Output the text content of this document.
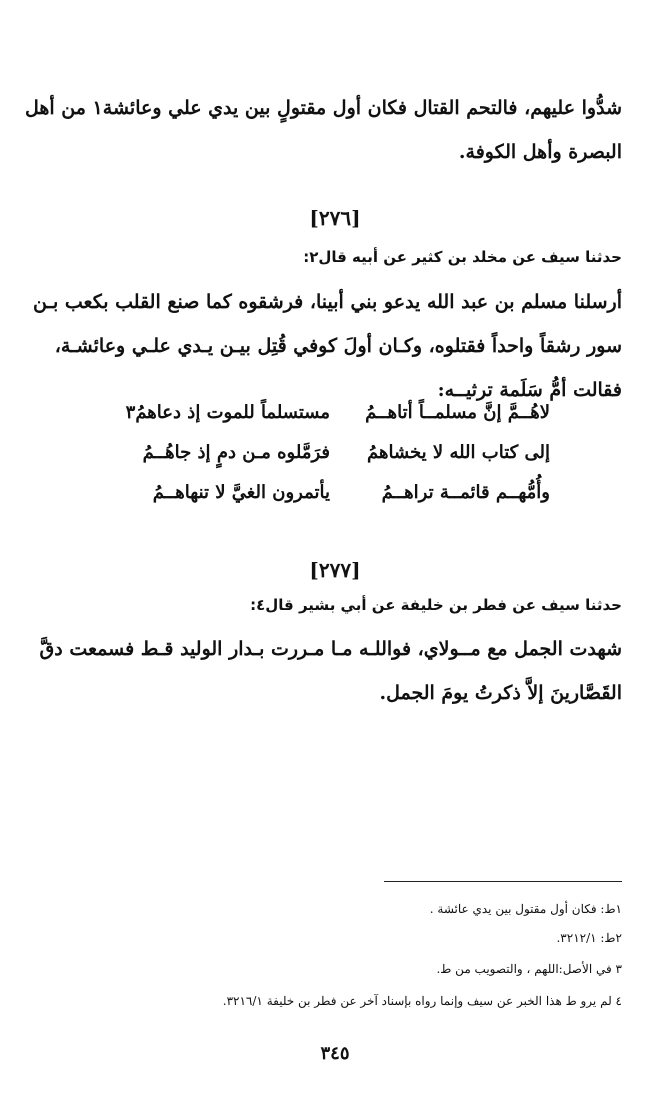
شدُّوا عليهم، فالتحم القتال فكان أول مقتولٍ بين يدي علي وعائشة١ من أهل
البصرة وأهل الكوفة.
[٢٧٦]
حدثنا سيف عن مخلد بن كثير عن أبيه قال٢:
أرسلنا مسلم بن عبد الله يدعو بني أبينا، فرشقوه كما صنع القلب بكعب بـن
سور رشقاً واحداً فقتلوه، وكـان أولَ كوفي قُتِل بيـن يـدي علـي وعائشـة،
فقالت أمُّ سَلَمة ترثيــه:
لاهُــمَّ إنَّ مسلمــاً أتاهــمُ
مستسلماً للموت إذ دعاهمُ٣
إلى كتاب الله لا يخشاهمُ
فرَمَّلوه مـن دمٍ إذ جاهُــمُ
وأُمُّهــم قائمــة تراهــمُ
يأتمرون الغيَّ لا تنهاهــمُ
[٢٧٧]
حدثنا سيف عن فطر بن خليفة عن أبي بشير قال٤:
شهدت الجمل مع مــولاي، فواللـه مـا مـررت بـدار الوليد قـط فسمعت دقَّ
القَصَّارينَ إلاَّ ذكرتُ يومَ الجمل.
١ط: فكان أول مقتول بين يدي عائشة .
٢ط: ٣٢١٢/١.
٣ في الأصل:اللهم ، والتصويب من ط.
٤ لم يرو ط هذا الخبر عن سيف وإنما رواه بإسناد آخر عن فطر بن خليفة ٣٢١٦/١.
٣٤٥
